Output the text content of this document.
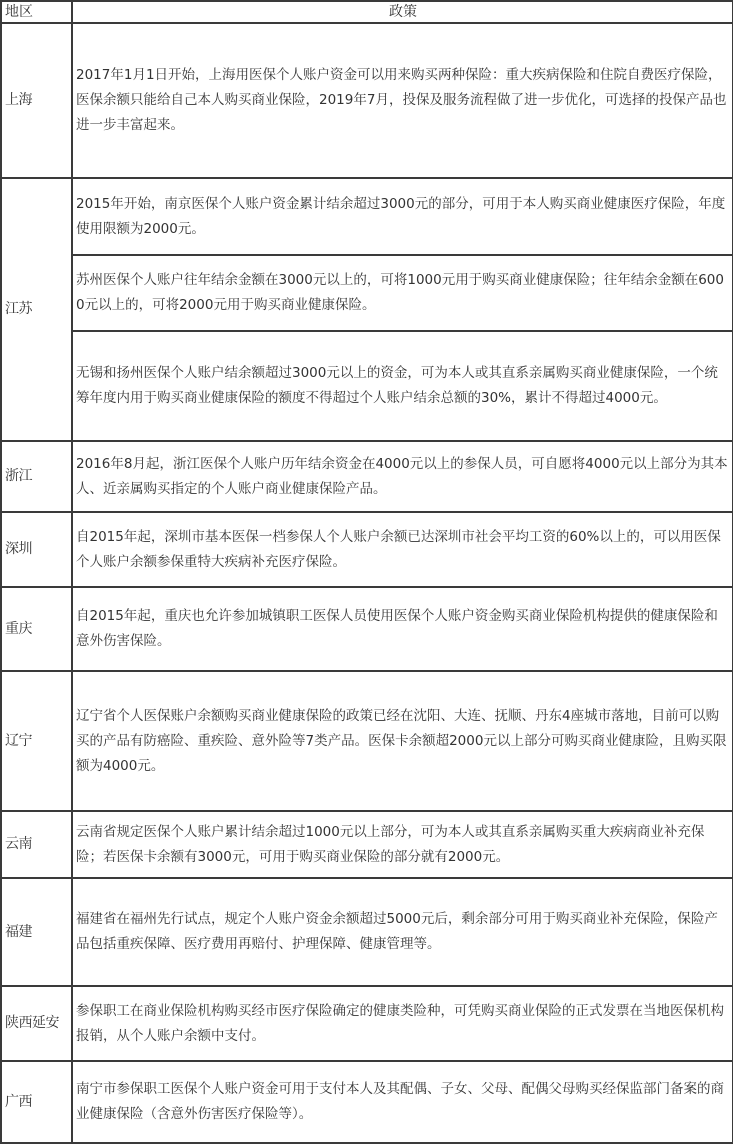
地区	政策
上海	2017年1月1日开始，上海用医保个人账户资金可以用来购买两种保险：重大疾病保险和住院自费医疗保险，医保余额只能给自己本人购买商业保险，2019年7月，投保及服务流程做了进一步优化，可选择的投保产品也进一步丰富起来。
江苏	2015年开始，南京医保个人账户资金累计结余超过3000元的部分，可用于本人购买商业健康医疗保险，年度使用限额为2000元。
	苏州医保个人账户往年结余金额在3000元以上的，可将1000元用于购买商业健康保险；往年结余金额在6000元以上的，可将2000元用于购买商业健康保险。
	无锡和扬州医保个人账户结余额超过3000元以上的资金，可为本人或其直系亲属购买商业健康保险，一个统筹年度内用于购买商业健康保险的额度不得超过个人账户结余总额的30%，累计不得超过4000元。
浙江	2016年8月起，浙江医保个人账户历年结余资金在4000元以上的参保人员，可自愿将4000元以上部分为其本人、近亲属购买指定的个人账户商业健康保险产品。
深圳	自2015年起，深圳市基本医保一档参保人个人账户余额已达深圳市社会平均工资的60%以上的，可以用医保个人账户余额参保重特大疾病补充医疗保险。
重庆	自2015年起，重庆也允许参加城镇职工医保人员使用医保个人账户资金购买商业保险机构提供的健康保险和意外伤害保险。
辽宁	辽宁省个人医保账户余额购买商业健康保险的政策已经在沈阳、大连、抚顺、丹东4座城市落地，目前可以购买的产品有防癌险、重疾险、意外险等7类产品。医保卡余额超2000元以上部分可购买商业健康险，且购买限额为4000元。
云南	云南省规定医保个人账户累计结余超过1000元以上部分，可为本人或其直系亲属购买重大疾病商业补充保险；若医保卡余额有3000元，可用于购买商业保险的部分就有2000元。
福建	福建省在福州先行试点，规定个人账户资金余额超过5000元后，剩余部分可用于购买商业补充保险，保险产品包括重疾保障、医疗费用再赔付、护理保障、健康管理等。
陕西延安	参保职工在商业保险机构购买经市医疗保险确定的健康类险种，可凭购买商业保险的正式发票在当地医保机构报销，从个人账户余额中支付。
广西	南宁市参保职工医保个人账户资金可用于支付本人及其配偶、子女、父母、配偶父母购买经保监部门备案的商业健康保险（含意外伤害医疗保险等）。
